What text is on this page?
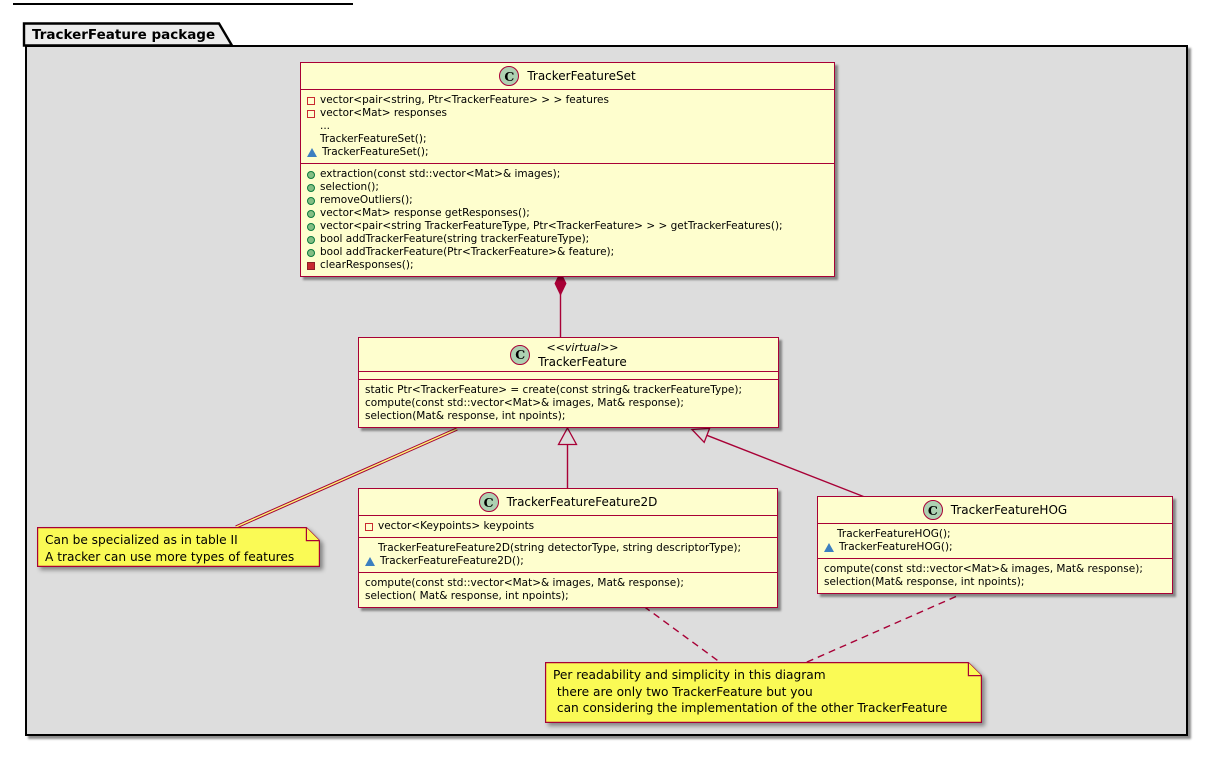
TrackerFeature package
C	TrackerFeatureSet
vector<pair<string, Ptr<TrackerFeature> > > features
vector<Mat> responses
...
TrackerFeatureSet();
TrackerFeatureSet();
extraction(const std::vector<Mat>& images);
selection();
removeOutliers();
vector<Mat> response getResponses();
vector<pair<string TrackerFeatureType, Ptr<TrackerFeature> > > getTrackerFeatures();
bool addTrackerFeature(string trackerFeatureType);
bool addTrackerFeature(Ptr<TrackerFeature>& feature);
clearResponses();
C	<<virtual>>
TrackerFeature
static Ptr<TrackerFeature> = create(const string& trackerFeatureType);
compute(const std::vector<Mat>& images, Mat& response);
selection(Mat& response, int npoints);
C	TrackerFeatureFeature2D
vector<Keypoints> keypoints
TrackerFeatureFeature2D(string detectorType, string descriptorType);
TrackerFeatureFeature2D();
compute(const std::vector<Mat>& images, Mat& response);
selection( Mat& response, int npoints);
C	TrackerFeatureHOG
TrackerFeatureHOG();
TrackerFeatureHOG();
compute(const std::vector<Mat>& images, Mat& response);
selection(Mat& response, int npoints);
Can be specialized as in table II
A tracker can use more types of features
Per readability and simplicity in this diagram
there are only two TrackerFeature but you
can considering the implementation of the other TrackerFeature
